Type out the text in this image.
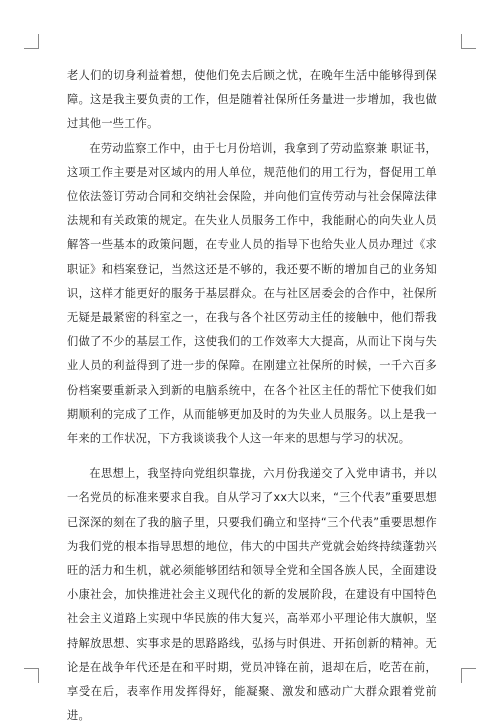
老人们的切身利益着想，使他们免去后顾之忧，在晚年生活中能够得到保障。这是我主要负责的工作，但是随着社保所任务量进一步增加，我也做过其他一些工作。

在劳动监察工作中，由于七月份培训，我拿到了劳动监察兼 职证书，这项工作主要是对区域内的用人单位，规范他们的用工行为，督促用工单位依法签订劳动合同和交纳社会保险，并向他们宣传劳动与社会保障法律法规和有关政策的规定。在失业人员服务工作中，我能耐心的向失业人员解答一些基本的政策问题，在专业人员的指导下也给失业人员办理过《求职证》和档案登记，当然这还是不够的，我还要不断的增加自己的业务知识，这样才能更好的服务于基层群众。在与社区居委会的合作中，社保所无疑是最紧密的科室之一，在我与各个社区劳动主任的接触中，他们帮我们做了不少的基层工作，这使我们的工作效率大大提高，从而让下岗与失业人员的利益得到了进一步的保障。在刚建立社保所的时候，一千六百多份档案要重新录入到新的电脑系统中，在各个社区主任的帮忙下使我们如期顺利的完成了工作，从而能够更加及时的为失业人员服务。以上是我一年来的工作状况，下方我谈谈我个人这一年来的思想与学习的状况。

在思想上，我坚持向党组织靠拢，六月份我递交了入党申请书，并以一名党员的标准来要求自我。自从学习了xx大以来，“三个代表”重要思想已深深的刻在了我的脑子里，只要我们确立和坚持“三个代表”重要思想作为我们党的根本指导思想的地位，伟大的中国共产党就会始终持续蓬勃兴旺的活力和生机，就必须能够团结和领导全党和全国各族人民，全面建设小康社会，加快推进社会主义现代化的新的发展阶段，在建设有中国特色社会主义道路上实现中华民族的伟大复兴，高举邓小平理论伟大旗帜，坚持解放思想、实事求是的思路路线，弘扬与时俱进、开拓创新的精神。无论是在战争年代还是在和平时期，党员冲锋在前，退却在后，吃苦在前，享受在后，表率作用发挥得好，能凝聚、激发和感动广大群众跟着党前进。
